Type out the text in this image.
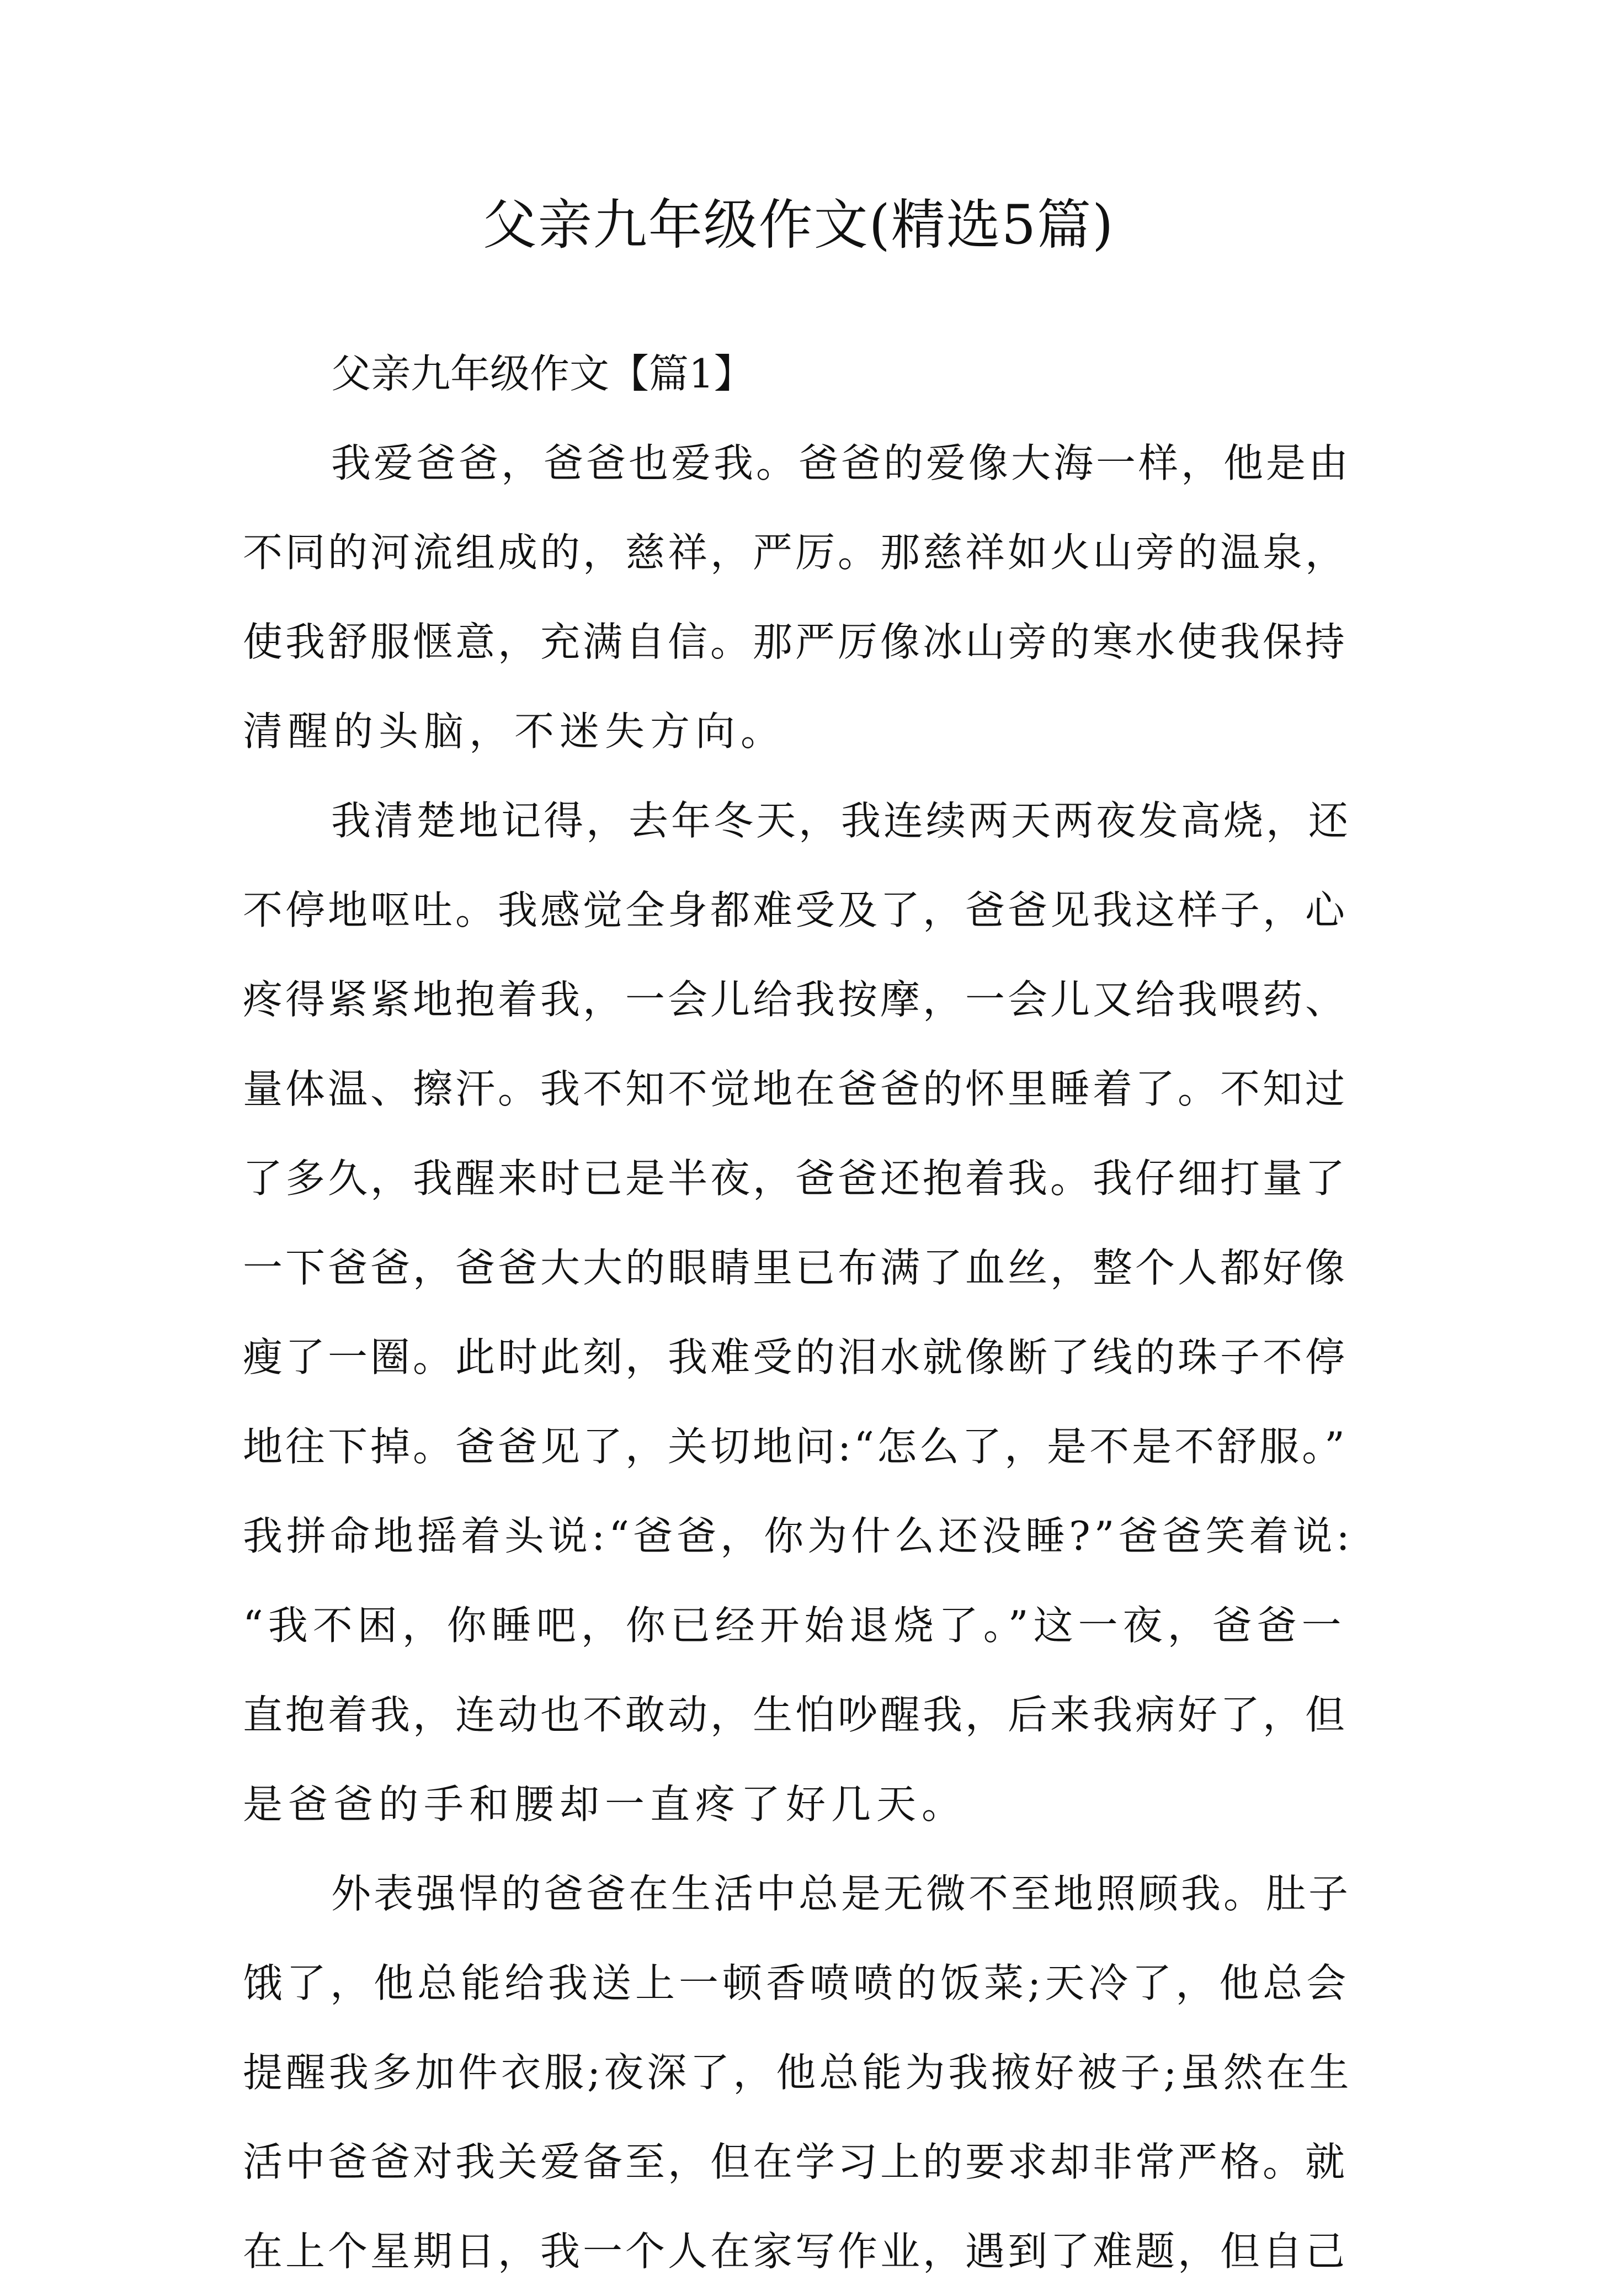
父亲九年级作文(精选5篇)

父亲九年级作文【篇1】

我爱爸爸，爸爸也爱我。爸爸的爱像大海一样，他是由
不同的河流组成的，慈祥，严厉。那慈祥如火山旁的温泉，
使我舒服惬意，充满自信。那严厉像冰山旁的寒水使我保持
清醒的头脑，不迷失方向。
我清楚地记得，去年冬天，我连续两天两夜发高烧，还
不停地呕吐。我感觉全身都难受及了，爸爸见我这样子，心
疼得紧紧地抱着我，一会儿给我按摩，一会儿又给我喂药、
量体温、擦汗。我不知不觉地在爸爸的怀里睡着了。不知过
了多久，我醒来时已是半夜，爸爸还抱着我。我仔细打量了
一下爸爸，爸爸大大的眼睛里已布满了血丝，整个人都好像
瘦了一圈。此时此刻，我难受的泪水就像断了线的珠子不停
地往下掉。爸爸见了，关切地问:“怎么了，是不是不舒服。”
我拼命地摇着头说:“爸爸，你为什么还没睡?”爸爸笑着说:
“我不困，你睡吧，你已经开始退烧了。”这一夜，爸爸一
直抱着我，连动也不敢动，生怕吵醒我，后来我病好了，但
是爸爸的手和腰却一直疼了好几天。
外表强悍的爸爸在生活中总是无微不至地照顾我。肚子
饿了，他总能给我送上一顿香喷喷的饭菜;天冷了，他总会
提醒我多加件衣服;夜深了，他总能为我掖好被子;虽然在生
活中爸爸对我关爱备至，但在学习上的要求却非常严格。就
在上个星期日，我一个人在家写作业，遇到了难题，但自己
